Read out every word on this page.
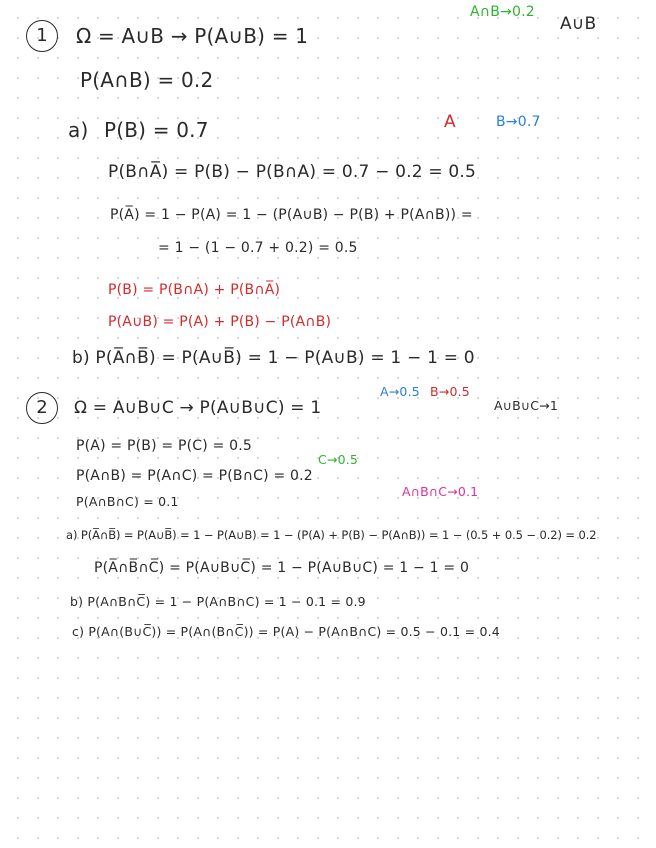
1	Ω = A∪B → P(A∪B) = 1
P(A∩B) = 0.2
A∩B→0.2
A∪B
A	B→0.7
a) P(B) = 0.7
P(B∩A̅) = P(B) − P(B∩A) = 0.7 − 0.2 = 0.5
P(A̅) = 1 − P(A) = 1 − (P(A∪B) − P(B) + P(A∩B)) =
= 1 − (1 − 0.7 + 0.2) = 0.5
P(B) = P(B∩A) + P(B∩A̅)
P(A∪B) = P(A) + P(B) − P(A∩B)
b) P(A̅∩B̅) = P(A∪B̅) = 1 − P(A∪B) = 1 − 1 = 0
2	Ω = A∪B∪C → P(A∪B∪C) = 1
P(A) = P(B) = P(C) = 0.5
P(A∩B) = P(A∩C) = P(B∩C) = 0.2
P(A∩B∩C) = 0.1
A→0.5 B→0.5
A∪B∪C→1
C→0.5
A∩B∩C→0.1
a) P(A̅∩B̅) = P(A∪B̅) = 1 − P(A∪B) = 1 − (P(A) + P(B) − P(A∩B)) = 1 − (0.5 + 0.5 − 0.2) = 0.2
P(A̅∩B̅∩C̅) = P(A∪B∪C̅) = 1 − P(A∪B∪C) = 1 − 1 = 0
b) P(A∩B∩C̅) = 1 − P(A∩B∩C) = 1 − 0.1 = 0.9
c) P(A∩(B∪C̅)) = P(A∩(B∩C̅)) = P(A) − P(A∩B∩C) = 0.5 − 0.1 = 0.4
